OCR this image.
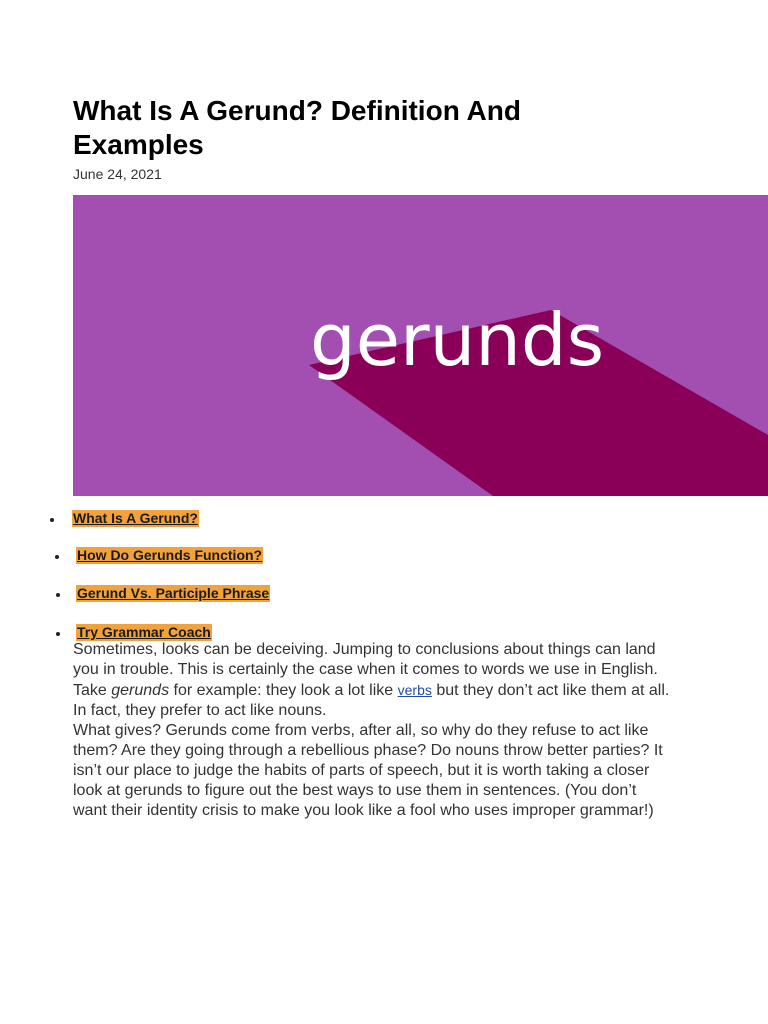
What Is A Gerund? Definition And Examples
June 24, 2021
gerunds
What Is A Gerund?
How Do Gerunds Function?
Gerund Vs. Participle Phrase
Try Grammar Coach

Sometimes, looks can be deceiving. Jumping to conclusions about things can land you in trouble. This is certainly the case when it comes to words we use in English. Take gerunds for example: they look a lot like verbs but they don’t act like them at all. In fact, they prefer to act like nouns.

What gives? Gerunds come from verbs, after all, so why do they refuse to act like them? Are they going through a rebellious phase? Do nouns throw better parties? It isn’t our place to judge the habits of parts of speech, but it is worth taking a closer look at gerunds to figure out the best ways to use them in sentences. (You don’t want their identity crisis to make you look like a fool who uses improper grammar!)
